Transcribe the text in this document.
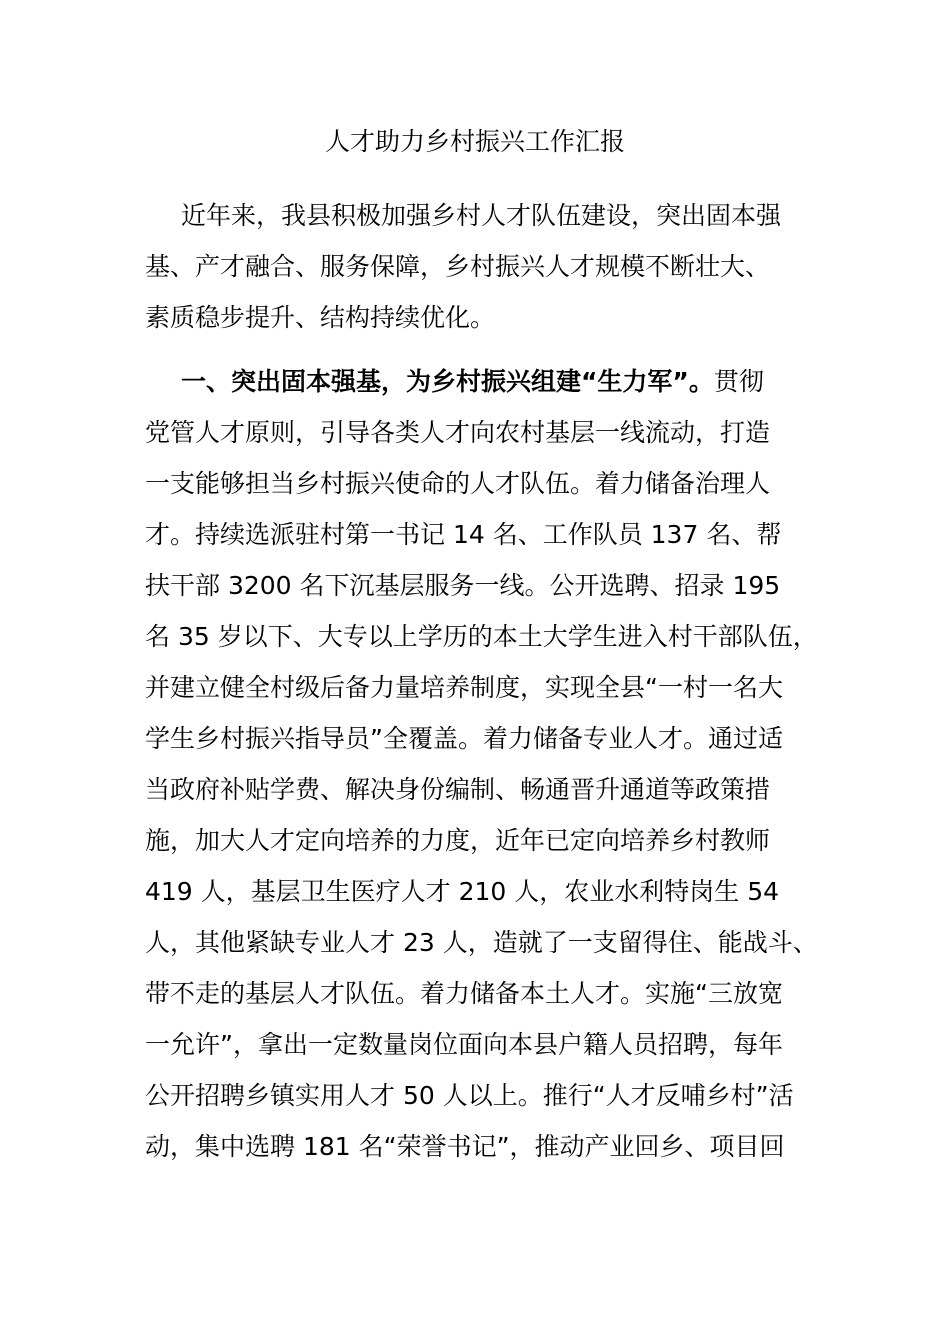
人才助力乡村振兴工作汇报
近年来，我县积极加强乡村人才队伍建设，突出固本强
基、产才融合、服务保障，乡村振兴人才规模不断壮大、
素质稳步提升、结构持续优化。
一、突出固本强基，为乡村振兴组建“生力军”。贯彻
党管人才原则，引导各类人才向农村基层一线流动，打造
一支能够担当乡村振兴使命的人才队伍。着力储备治理人
才。持续选派驻村第一书记 14 名、工作队员 137 名、帮
扶干部 3200 名下沉基层服务一线。公开选聘、招录 195
名 35 岁以下、大专以上学历的本土大学生进入村干部队伍，
并建立健全村级后备力量培养制度，实现全县“一村一名大
学生乡村振兴指导员”全覆盖。着力储备专业人才。通过适
当政府补贴学费、解决身份编制、畅通晋升通道等政策措
施，加大人才定向培养的力度，近年已定向培养乡村教师
419 人，基层卫生医疗人才 210 人，农业水利特岗生 54
人，其他紧缺专业人才 23 人，造就了一支留得住、能战斗、
带不走的基层人才队伍。着力储备本土人才。实施“三放宽
一允许”，拿出一定数量岗位面向本县户籍人员招聘，每年
公开招聘乡镇实用人才 50 人以上。推行“人才反哺乡村”活
动，集中选聘 181 名“荣誉书记”，推动产业回乡、项目回
